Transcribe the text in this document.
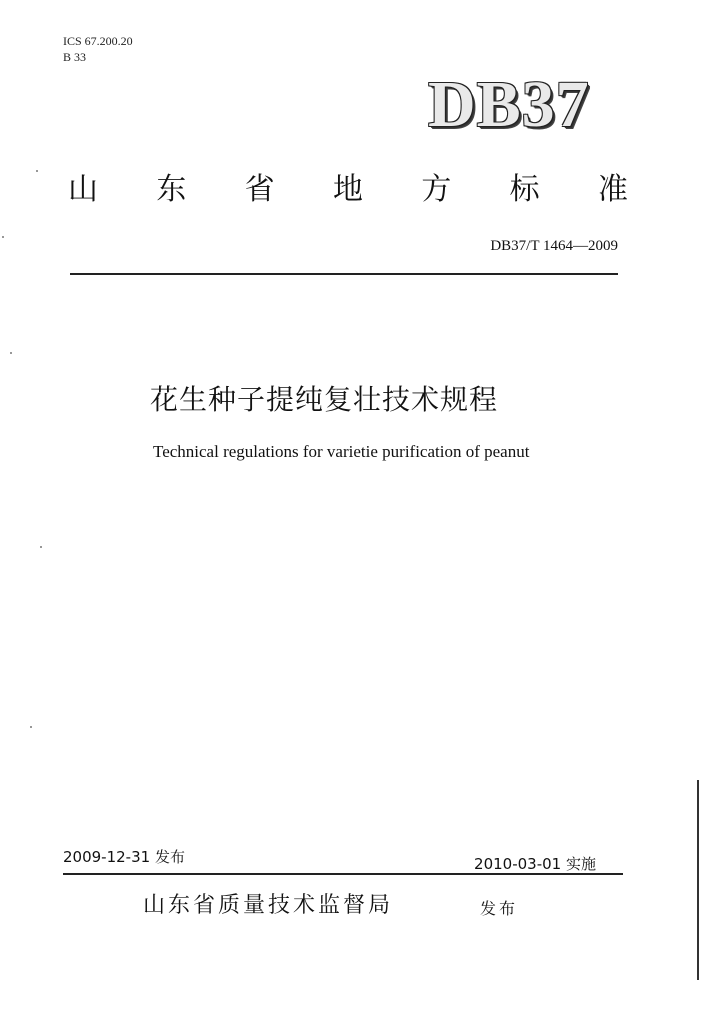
ICS 67.200.20
B 33
DB37
山 东 省 地 方 标 准
DB37/T 1464—2009
花生种子提纯复壮技术规程
Technical regulations for varietie purification of peanut
2009-12-31 发布	2010-03-01 实施
山东省质量技术监督局	发布
